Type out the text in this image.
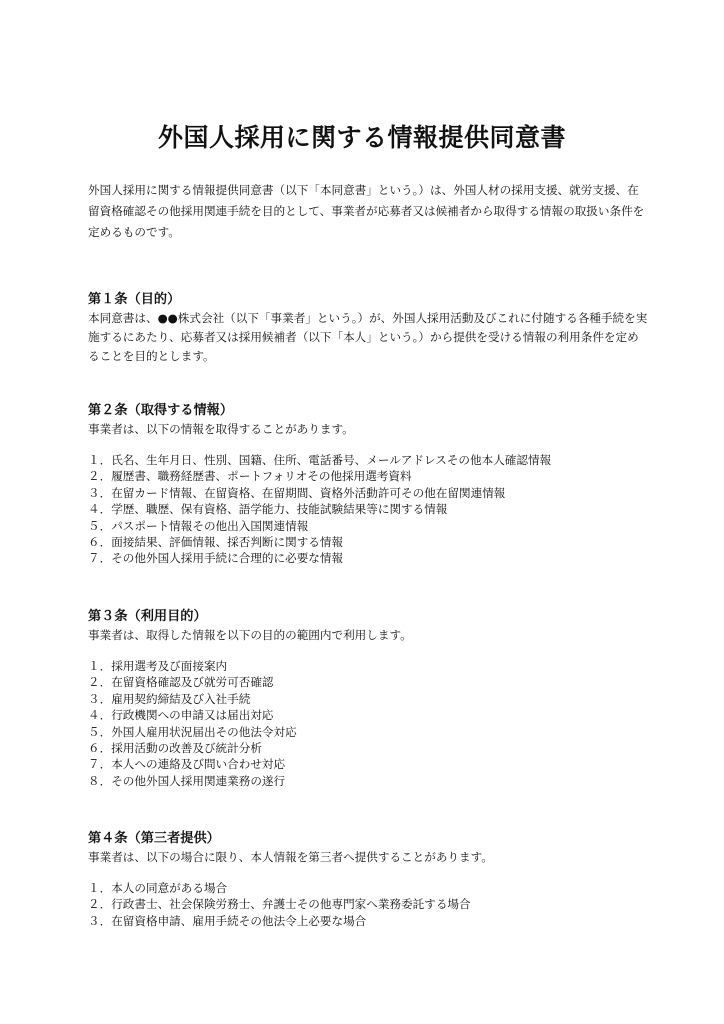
外国人採用に関する情報提供同意書

外国人採用に関する情報提供同意書（以下「本同意書」という。）は、外国人材の採用支援、就労支援、在留資格確認その他採用関連手続を目的として、事業者が応募者又は候補者から取得する情報の取扱い条件を定めるものです。

第１条（目的）

本同意書は、●●株式会社（以下「事業者」という。）が、外国人採用活動及びこれに付随する各種手続を実施するにあたり、応募者又は採用候補者（以下「本人」という。）から提供を受ける情報の利用条件を定めることを目的とします。

第２条（取得する情報）

事業者は、以下の情報を取得することがあります。

１．氏名、生年月日、性別、国籍、住所、電話番号、メールアドレスその他本人確認情報
２．履歴書、職務経歴書、ポートフォリオその他採用選考資料
３．在留カード情報、在留資格、在留期間、資格外活動許可その他在留関連情報
４．学歴、職歴、保有資格、語学能力、技能試験結果等に関する情報
５．パスポート情報その他出入国関連情報
６．面接結果、評価情報、採否判断に関する情報
７．その他外国人採用手続に合理的に必要な情報
第３条（利用目的）

事業者は、取得した情報を以下の目的の範囲内で利用します。

１．採用選考及び面接案内
２．在留資格確認及び就労可否確認
３．雇用契約締結及び入社手続
４．行政機関への申請又は届出対応
５．外国人雇用状況届出その他法令対応
６．採用活動の改善及び統計分析
７．本人への連絡及び問い合わせ対応
８．その他外国人採用関連業務の遂行
第４条（第三者提供）

事業者は、以下の場合に限り、本人情報を第三者へ提供することがあります。

１．本人の同意がある場合
２．行政書士、社会保険労務士、弁護士その他専門家へ業務委託する場合
３．在留資格申請、雇用手続その他法令上必要な場合
